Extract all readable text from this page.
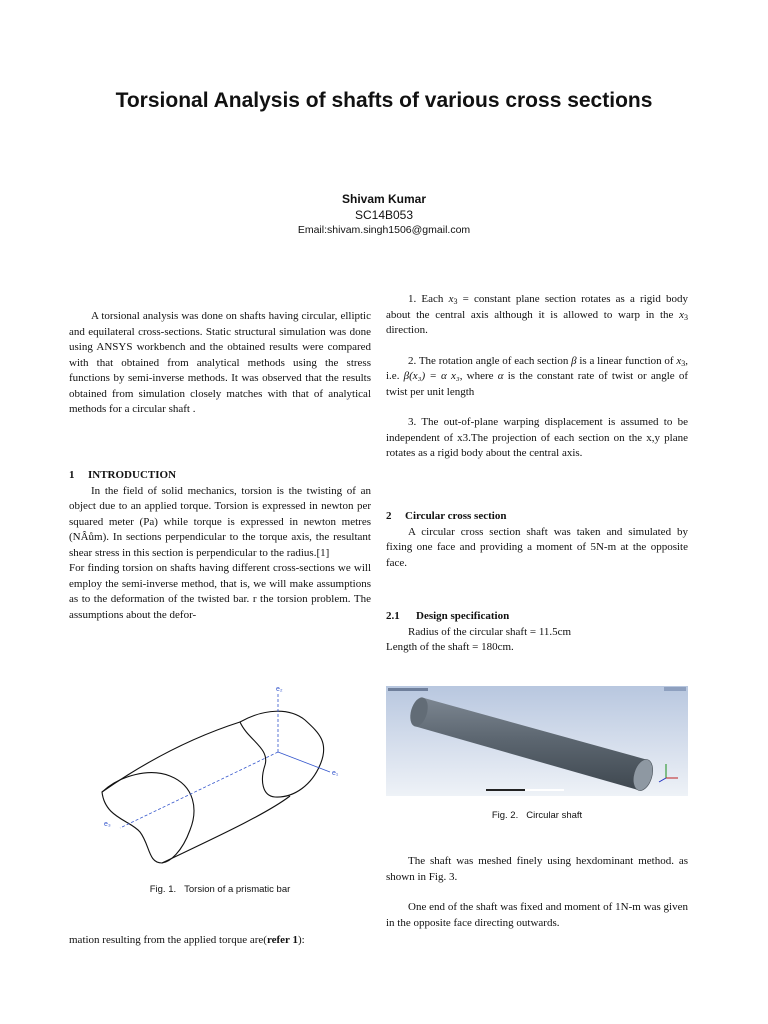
Torsional Analysis of shafts of various cross sections
Shivam Kumar
SC14B053
Email:shivam.singh1506@gmail.com

A torsional analysis was done on shafts having circular, elliptic and equilateral cross-sections. Static structural simulation was done using ANSYS workbench and the obtained results were compared with that obtained from analytical methods using the stress functions by semi-inverse methods. It was observed that the results obtained from simulation closely matches with that of analytical methods for a circular shaft .

1 INTRODUCTION

In the field of solid mechanics, torsion is the twisting of an object due to an applied torque. Torsion is expressed in newton per squared meter (Pa) while torque is expressed in newton metres (NÂům). In sections perpendicular to the torque axis, the resultant shear stress in this section is perpendicular to the radius.[1]

For finding torsion on shafts having different cross-sections we will employ the semi-inverse method, that is, we will make assumptions as to the deformation of the twisted bar. r the torsion problem. The assumptions about the defor-

e₂
e₁
e₃
Fig. 1. Torsion of a prismatic bar
mation resulting from the applied torque are(refer 1):

1. Each $x_3$ = constant plane section rotates as a rigid body about the central axis although it is allowed to warp in the $x_3$ direction.

2. The rotation angle of each section β is a linear function of $x_3$, i.e. β(x₃) = α x₃, where α is the constant rate of twist or angle of twist per unit length

3. The out-of-plane warping displacement is assumed to be independent of x3.The projection of each section on the x,y plane rotates as a rigid body about the central axis.

2 Circular cross section

A circular cross section shaft was taken and simulated by fixing one face and providing a moment of 5N-m at the opposite face.

2.1 Design specification

Radius of the circular shaft = 11.5cm

Length of the shaft = 180cm.

Fig. 2. Circular shaft

The shaft was meshed finely using hexdominant method. as shown in Fig. 3.

One end of the shaft was fixed and moment of 1N-m was given in the opposite face directing outwards.
